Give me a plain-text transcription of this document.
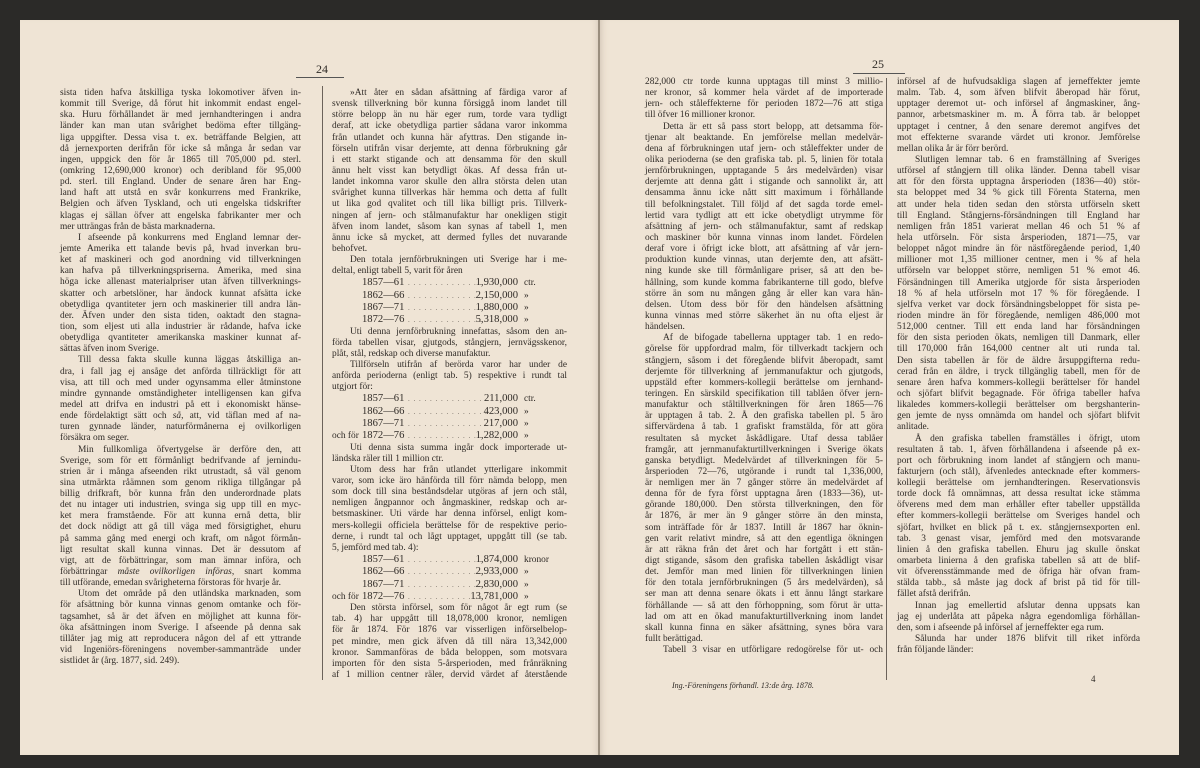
24	25
sista tiden hafva åtskilliga tyska lokomotiver äfven in-
kommit till Sverige, då förut hit inkommit endast engel-
ska. Huru förhållandet är med jernhandteringen i andra
länder kan man utan svårighet bedöma efter tillgäng-
liga uppgifter. Dessa visa t. ex. beträffande Belgien, att
då jernexporten derifrån för icke så många år sedan var
ingen, uppgick den för år 1865 till 705,000 pd. sterl.
(omkring 12,690,000 kronor) och deribland för 95,000
pd. sterl. till England. Under de senare åren har Eng-
land haft att utstå en svår konkurrens med Frankrike,
Belgien och äfven Tyskland, och uti engelska tidskrifter
klagas ej sällan öfver att engelska fabrikanter mer och
mer utträngas från de bästa marknaderna.
I afseende på konkurrens med England lemnar der-
jemte Amerika ett talande bevis på, hvad inverkan bru-
ket af maskineri och god anordning vid tillverkningen
kan hafva på tillverkningspriserna. Amerika, med sina
höga icke allenast materialpriser utan äfven tillverknings-
skatter och arbetslöner, har ändock kunnat afsätta icke
obetydliga qvantiteter jern och maskinerier till andra län-
der. Äfven under den sista tiden, oaktadt den stagna-
tion, som eljest uti alla industrier är rådande, hafva icke
obetydliga qvantiteter amerikanska maskiner kunnat af-
sättas äfven inom Sverige.
Till dessa fakta skulle kunna läggas åtskilliga an-
dra, i fall jag ej ansåge det anförda tillräckligt för att
visa, att till och med under ogynsamma eller åtminstone
mindre gynnande omständigheter intelligensen kan gifva
medel att drifva en industri på ett i ekonomiskt hänse-
ende fördelaktigt sätt och så, att, vid täflan med af na-
turen gynnade länder, naturförmånerna ej ovilkorligen
försäkra om seger.
Min fullkomliga öfvertygelse är derföre den, att
Sverige, som för ett förmånligt bedrifvande af jernindu-
strien är i många afseenden rikt utrustadt, så väl genom
sina utmärkta råämnen som genom rikliga tillgångar på
billig drifkraft, bör kunna från den underordnade plats
det nu intager uti industrien, svinga sig upp till en myc-
ket mera framstående. För att kunna ernå detta, blir
det dock nödigt att gå till väga med försigtighet, ehuru
på samma gång med energi och kraft, om något förmån-
ligt resultat skall kunna vinnas. Det är dessutom af
vigt, att de förbättringar, som man ämnar införa, och
förbättringar måste ovilkorligen införas, snart komma
till utförande, emedan svårigheterna förstoras för hvarje år.
Utom det område på den utländska marknaden, som
för afsättning bör kunna vinnas genom omtanke och för-
tagsamhet, så är det äfven en möjlighet att kunna för-
öka afsättningen inom Sverige. I afseende på denna sak
tillåter jag mig att reproducera någon del af ett yttrande
vid Ingeniörs-föreningens november-sammanträde under
sistlidet år (årg. 1877, sid. 249).
»Att åter en sådan afsättning af färdiga varor af
svensk tillverkning bör kunna försiggå inom landet till
större belopp än nu här eger rum, torde vara tydligt
deraf, att icke obetydliga partier sådana varor inkomma
från utlandet och kunna här afyttras. Den stigande in-
förseln utifrån visar derjemte, att denna förbrukning går
i ett starkt stigande och att densamma för den skull
ännu helt visst kan betydligt ökas. Af dessa från ut-
landet inkomna varor skulle den allra största delen utan
svårighet kunna tillverkas här hemma och detta af fullt
ut lika god qvalitet och till lika billigt pris. Tillverk-
ningen af jern- och stålmanufaktur har onekligen stigit
äfven inom landet, såsom kan synas af tabell 1, men
ännu icke så mycket, att dermed fylles det nuvarande
behofvet.
Den totala jernförbrukningen uti Sverige har i me-
deltal, enligt tabell 5, varit för åren
1857—61 . . . . . . . . . . . . . . .
1,930,000 ctr.
1862—66 . . . . . . . . . . . . . . .
2,150,000 »
1867—71 . . . . . . . . . . . . . . .
1,880,000 »
1872—76 . . . . . . . . . . . . . . .
5,318,000 »
Uti denna jernförbrukning innefattas, såsom den an-
förda tabellen visar, gjutgods, stångjern, jernvägsskenor,
plåt, stål, redskap och diverse manufaktur.
Tillförseln utifrån af berörda varor har under de
anförda perioderna (enligt tab. 5) respektive i rundt tal
utgjort för:
1857—61 . . . . . . . . . . . . . . .
211,000 ctr.
1862—66 . . . . . . . . . . . . . . .
423,000 »
1867—71 . . . . . . . . . . . . . . .
217,000 »
och för 1872—76 . . . . . . . . . . . . . . .
1,282,000 »
Uti denna sista summa ingår dock importerade ut-
ländska räler till 1 million ctr.
Utom dess har från utlandet ytterligare inkommit
varor, som icke äro hänförda till förr nämda belopp, men
som dock till sina beståndsdelar utgöras af jern och stål,
nemligen ångpannor och ångmaskiner, redskap och ar-
betsmaskiner. Uti värde har denna införsel, enligt kom-
mers-kollegii officiela berättelse för de respektive perio-
derne, i rundt tal och lågt upptaget, uppgått till (se tab.
5, jemförd med tab. 4):
1857—61 . . . . . . . . . . . . . . .
1,874,000 kronor
1862—66 . . . . . . . . . . . . . . .
2,933,000 »
1867—71 . . . . . . . . . . . . . . .
2,830,000 »
och för 1872—76 . . . . . . . . . . . . . . .
13,781,000 »
Den största införsel, som för något år egt rum (se
tab. 4) har uppgått till 18,078,000 kronor, nemligen
för år 1874. För 1876 var visserligen införselbelop-
pet mindre, men gick äfven då till nära 13,342,000
kronor. Sammanföras de båda beloppen, som motsvara
importen för den sista 5-årsperioden, med frånräkning
af 1 million centner räler, dervid värdet af återstående
282,000 ctr torde kunna upptagas till minst 3 millio-
ner kronor, så kommer hela värdet af de importerade
jern- och ståleffekterne för perioden 1872—76 att stiga
till öfver 16 millioner kronor.
Detta är ett så pass stort belopp, att detsamma för-
tjenar alt beaktande. En jemförelse mellan medelvär-
dena af förbrukningen utaf jern- och ståleffekter under de
olika perioderna (se den grafiska tab. pl. 5, linien för totala
jernförbrukningen, upptagande 5 års medelvärden) visar
derjemte att denna gått i stigande och sannolikt är, att
densamma ännu icke nått sitt maximum i förhållande
till befolkningstalet. Till följd af det sagda torde emel-
lertid vara tydligt att ett icke obetydligt utrymme för
afsättning af jern- och stålmanufaktur, samt af redskap
och maskiner bör kunna vinnas inom landet. Fördelen
deraf vore i öfrigt icke blott, att afsättning af vår jern-
produktion kunde vinnas, utan derjemte den, att afsätt-
ning kunde ske till förmånligare priser, så att den be-
hållning, som kunde komma fabrikanterne till godo, blefve
större än som nu mången gång är eller kan vara hän-
delsen. Utom dess bör för den händelsen afsättning
kunna vinnas med större säkerhet än nu ofta eljest är
händelsen.
Af de bifogade tabellerna upptager tab. 1 en redo-
görelse för uppfordrad malm, för tillverkadt tackjern och
stångjern, såsom i det föregående blifvit åberopadt, samt
derjemte för tillverkning af jernmanufaktur och gjutgods,
uppstäld efter kommers-kollegii berättelse om jernhand-
teringen. En särskild specifikation till tablåen öfver jern-
manufaktur och ståltillverkningen för åren 1865—76
är upptagen å tab. 2. Å den grafiska tabellen pl. 5 äro
siffervärdena å tab. 1 grafiskt framstälda, för att göra
resultaten så mycket åskådligare. Utaf dessa tablåer
framgår, att jernmanufakturtillverkningen i Sverige ökats
ganska betydligt. Medelvärdet af tillverkningen för 5-
årsperioden 72—76, utgörande i rundt tal 1,336,000,
är nemligen mer än 7 gånger större än medelvärdet af
denna för de fyra först upptagna åren (1833—36), ut-
görande 180,000. Den största tillverkningen, den för
år 1876, är mer än 9 gånger större än den minsta,
som inträffade för år 1837. Intill år 1867 har öknin-
gen varit relativt mindre, så att den egentliga ökningen
är att räkna från det året och har fortgått i ett stän-
digt stigande, såsom den grafiska tabellen åskådligt visar
det. Jemför man med linien för tillverkningen linien
för den totala jernförbrukningen (5 års medelvärden), så
ser man att denna senare ökats i ett ännu långt starkare
förhållande — så att den förhoppning, som förut är utta-
lad om att en ökad manufakturtillverkning inom landet
skall kunna finna en säker afsättning, synes böra vara
fullt berättigad.
Tabell 3 visar en utförligare redogörelse för ut- och
införsel af de hufvudsakliga slagen af jerneffekter jemte
malm. Tab. 4, som äfven blifvit åberopad här förut,
upptager deremot ut- och införsel af ångmaskiner, ång-
pannor, arbetsmaskiner m. m. Å förra tab. är beloppet
upptaget i centner, å den senare deremot angifves det
mot effekterne svarande värdet uti kronor. Jemförelse
mellan olika år är förr berörd.
Slutligen lemnar tab. 6 en framställning af Sveriges
utförsel af stångjern till olika länder. Denna tabell visar
att för den första upptagna årsperioden (1836—40) stör-
sta beloppet med 34 % gick till Förenta Staterna, men
att under hela tiden sedan den största utförseln skett
till England. Stångjerns-försändningen till England har
nemligen från 1851 varierat mellan 46 och 51 % af
hela utförseln. För sista årsperioden, 1871—75, var
beloppet något mindre än för nästföregående period, 1,40
millioner mot 1,35 millioner centner, men i % af hela
utförseln var beloppet större, nemligen 51 % emot 46.
Försändningen till Amerika utgjorde för sista årsperioden
18 % af hela utförseln mot 17 % för föregående. I
sjelfva verket var dock försändningsbeloppet för sista pe-
rioden mindre än för föregående, nemligen 486,000 mot
512,000 centner. Till ett enda land har försändningen
för den sista perioden ökats, nemligen till Danmark, eller
till 170,000 från 164,000 centner alt uti runda tal.
Den sista tabellen är för de äldre årsuppgifterna redu-
cerad från en äldre, i tryck tillgänglig tabell, men för de
senare åren hafva kommers-kollegii berättelser för handel
och sjöfart blifvit begagnade. För öfriga tabeller hafva
likaledes kommers-kollegii berättelser om bergshanterin-
gen jemte de nyss omnämda om handel och sjöfart blifvit
anlitade.
Å den grafiska tabellen framställes i öfrigt, utom
resultaten å tab. 1, äfven förhållandena i afseende på ex-
port och förbrukning inom landet af stångjern och manu-
fakturjern (och stål), äfvenledes antecknade efter kommers-
kollegii berättelse om jernhandteringen. Reservationsvis
torde dock få omnämnas, att dessa resultat icke stämma
öfverens med dem man erhåller efter tabeller uppställda
efter kommers-kollegii berättelse om Sveriges handel och
sjöfart, hvilket en blick på t. ex. stångjernsexporten enl.
tab. 3 genast visar, jemförd med den motsvarande
linien å den grafiska tabellen. Ehuru jag skulle önskat
omarbeta linierna å den grafiska tabellen så att de blif-
vit öfverensstämmande med de öfriga här ofvan fram-
stälda tabb., så måste jag dock af brist på tid för till-
fället afstå derifrån.
Innan jag emellertid afslutar denna uppsats kan
jag ej underlåta att påpeka några egendomliga förhållan-
den, som i afseende på införsel af jerneffekter ega rum.
Sålunda har under 1876 blifvit till riket införda
från följande länder:
Ing.-Föreningens förhandl. 13:de årg. 1878.
4
